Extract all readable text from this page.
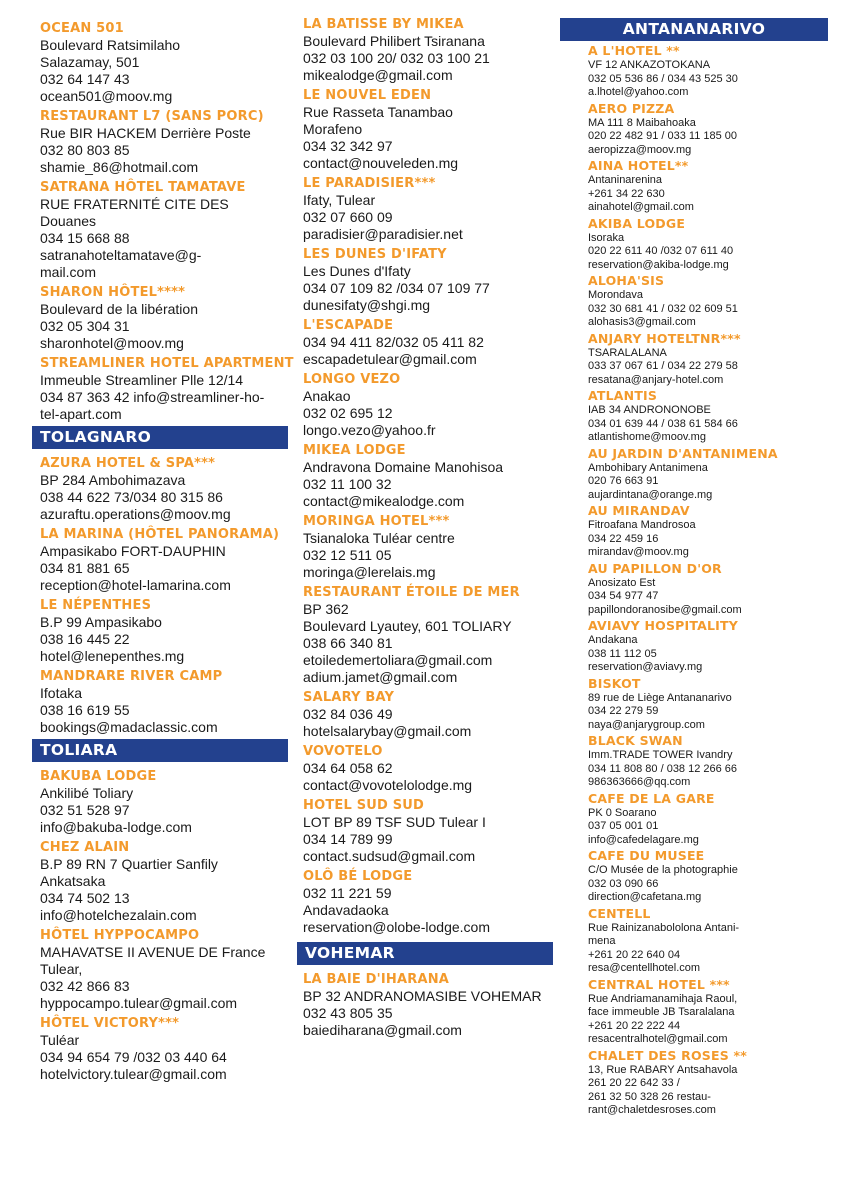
OCEAN 501
Boulevard Ratsimilaho
Salazamay, 501
032 64 147 43
ocean501@moov.mg
RESTAURANT L7 (SANS PORC)
Rue BIR HACKEM Derrière Poste
032 80 803 85
shamie_86@hotmail.com
SATRANA HÔTEL TAMATAVE
RUE FRATERNITÉ CITE DES
Douanes
034 15 668 88
satranahoteltamatave@g-
mail.com
SHARON HÔTEL****
Boulevard de la libération
032 05 304 31
sharonhotel@moov.mg
STREAMLINER HOTEL APARTMENT
Immeuble Streamliner Plle 12/14
034 87 363 42 info@streamliner-ho-
tel-apart.com
TOLAGNARO
AZURA HOTEL & SPA***
BP 284 Ambohimazava
038 44 622 73/034 80 315 86
azuraftu.operations@moov.mg
LA MARINA (HÔTEL PANORAMA)
Ampasikabo FORT-DAUPHIN
034 81 881 65
reception@hotel-lamarina.com
LE NÉPENTHES
B.P 99 Ampasikabo
038 16 445 22
hotel@lenepenthes.mg
MANDRARE RIVER CAMP
Ifotaka
038 16 619 55
bookings@madaclassic.com
TOLIARA
BAKUBA LODGE
Ankilibé Toliary
032 51 528 97
info@bakuba-lodge.com
CHEZ ALAIN
B.P 89 RN 7 Quartier Sanfily
Ankatsaka
034 74 502 13
info@hotelchezalain.com
HÔTEL HYPPOCAMPO
MAHAVATSE II AVENUE DE France
Tulear,
032 42 866 83
hyppocampo.tulear@gmail.com
HÔTEL VICTORY***
Tuléar
034 94 654 79 /032 03 440 64
hotelvictory.tulear@gmail.com
LA BATISSE BY MIKEA
Boulevard Philibert Tsiranana
032 03 100 20/ 032 03 100 21
mikealodge@gmail.com
LE NOUVEL EDEN
Rue Rasseta Tanambao
Morafeno
034 32 342 97
contact@nouveleden.mg
LE PARADISIER***
Ifaty, Tulear
032 07 660 09
paradisier@paradisier.net
LES DUNES D'IFATY
Les Dunes d'Ifaty
034 07 109 82 /034 07 109 77
dunesifaty@shgi.mg
L'ESCAPADE
034 94 411 82/032 05 411 82
escapadetulear@gmail.com
LONGO VEZO
Anakao
032 02 695 12
longo.vezo@yahoo.fr
MIKEA LODGE
Andravona Domaine Manohisoa
032 11 100 32
contact@mikealodge.com
MORINGA HOTEL***
Tsianaloka Tuléar centre
032 12 511 05
moringa@lerelais.mg
RESTAURANT ÉTOILE DE MER
BP 362
Boulevard Lyautey, 601 TOLIARY
038 66 340 81
etoiledemertoliara@gmail.com
adium.jamet@gmail.com
SALARY BAY
032 84 036 49
hotelsalarybay@gmail.com
VOVOTELO
034 64 058 62
contact@vovotelolodge.mg
HOTEL SUD SUD
LOT BP 89 TSF SUD Tulear I
034 14 789 99
contact.sudsud@gmail.com
OLÔ BÉ LODGE
032 11 221 59
Andavadaoka
reservation@olobe-lodge.com
VOHEMAR
LA BAIE D'IHARANA
BP 32 ANDRANOMASIBE VOHEMAR
032 43 805 35
baiediharana@gmail.com
ANTANANARIVO
A L'HOTEL **
VF 12 ANKAZOTOKANA
032 05 536 86 / 034 43 525 30
a.lhotel@yahoo.com
AERO PIZZA
MA 111 8 Maibahoaka
020 22 482 91 / 033 11 185 00
aeropizza@moov.mg
AINA HOTEL**
Antaninarenina
+261 34 22 630
ainahotel@gmail.com
AKIBA LODGE
Isoraka
020 22 611 40 /032 07 611 40
reservation@akiba-lodge.mg
ALOHA'SIS
Morondava
032 30 681 41 / 032 02 609 51
alohasis3@gmail.com
ANJARY HOTELTNR***
TSARALALANA
033 37 067 61 / 034 22 279 58
resatana@anjary-hotel.com
ATLANTIS
IAB 34 ANDRONONOBE
034 01 639 44 / 038 61 584 66
atlantishome@moov.mg
AU JARDIN D'ANTANIMENA
Ambohibary Antanimena
020 76 663 91
aujardintana@orange.mg
AU MIRANDAV
Fitroafana Mandrosoa
034 22 459 16
mirandav@moov.mg
AU PAPILLON D'OR
Anosizato Est
034 54 977 47
papillondoranosibe@gmail.com
AVIAVY HOSPITALITY
Andakana
038 11 112 05
reservation@aviavy.mg
BISKOT
89 rue de Liège Antananarivo
034 22 279 59
naya@anjarygroup.com
BLACK SWAN
Imm.TRADE TOWER Ivandry
034 11 808 80 / 038 12 266 66
986363666@qq.com
CAFE DE LA GARE
PK 0 Soarano
037 05 001 01
info@cafedelagare.mg
CAFE DU MUSEE
C/O Musée de la photographie
032 03 090 66
direction@cafetana.mg
CENTELL
Rue Rainizanabololona Antani-
mena
+261 20 22 640 04
resa@centellhotel.com
CENTRAL HOTEL ***
Rue Andriamanamihaja Raoul,
face immeuble JB Tsaralalana
+261 20 22 222 44
resacentralhotel@gmail.com
CHALET DES ROSES **
13, Rue RABARY Antsahavola
261 20 22 642 33 /
261 32 50 328 26 restau-
rant@chaletdesroses.com
